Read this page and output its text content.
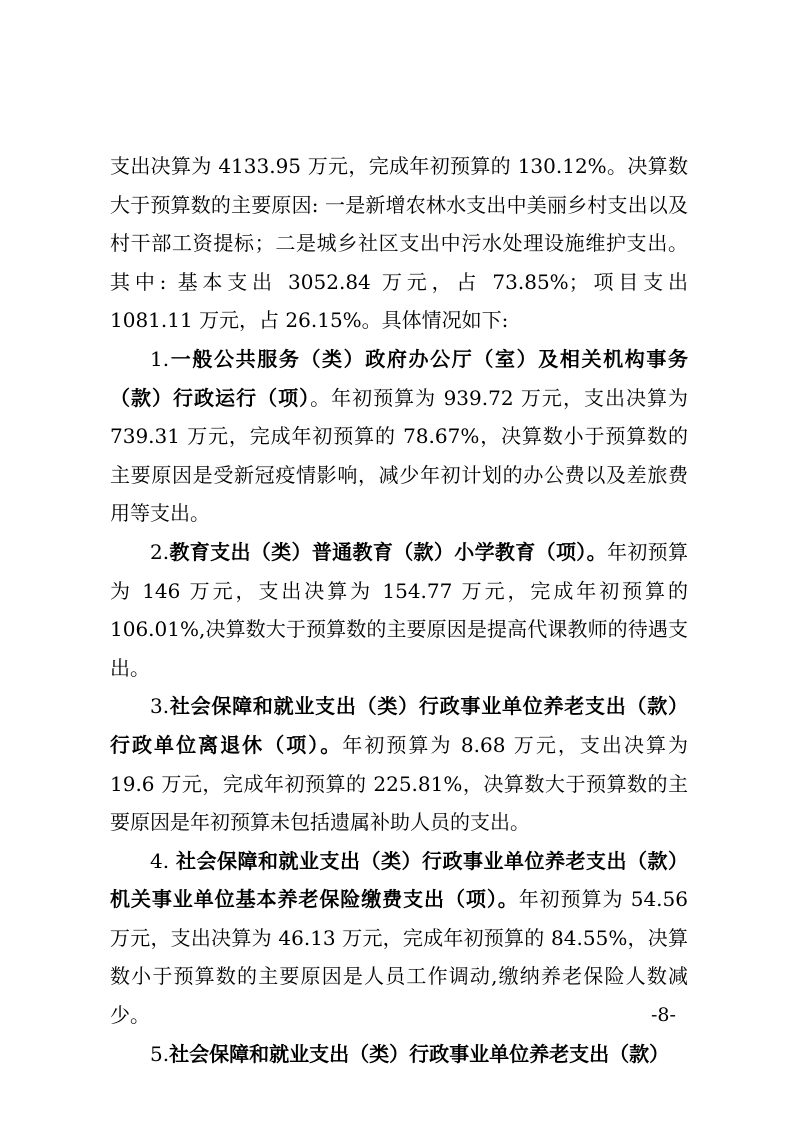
支出决算为 4133.95 万元，完成年初预算的 130.12%。决算数大于预算数的主要原因: 一是新增农林水支出中美丽乡村支出以及村干部工资提标；二是城乡社区支出中污水处理设施维护支出。其中: 基本支出 3052.84 万元，占 73.85%；项目支出 1081.11 万元，占 26.15%。具体情况如下:

1.一般公共服务（类）政府办公厅（室）及相关机构事务（款）行政运行（项）。年初预算为 939.72 万元，支出决算为 739.31 万元，完成年初预算的 78.67%，决算数小于预算数的主要原因是受新冠疫情影响，减少年初计划的办公费以及差旅费用等支出。

2.教育支出（类）普通教育（款）小学教育（项）。年初预算为 146 万元，支出决算为 154.77 万元，完成年初预算的 106.01%,决算数大于预算数的主要原因是提高代课教师的待遇支出。

3.社会保障和就业支出（类）行政事业单位养老支出（款）行政单位离退休（项）。年初预算为 8.68 万元，支出决算为 19.6 万元，完成年初预算的 225.81%，决算数大于预算数的主要原因是年初预算未包括遗属补助人员的支出。

4. 社会保障和就业支出（类）行政事业单位养老支出（款）机关事业单位基本养老保险缴费支出（项）。年初预算为 54.56 万元，支出决算为 46.13 万元，完成年初预算的 84.55%，决算数小于预算数的主要原因是人员工作调动,缴纳养老保险人数减少。

5.社会保障和就业支出（类）行政事业单位养老支出（款）

-8-
